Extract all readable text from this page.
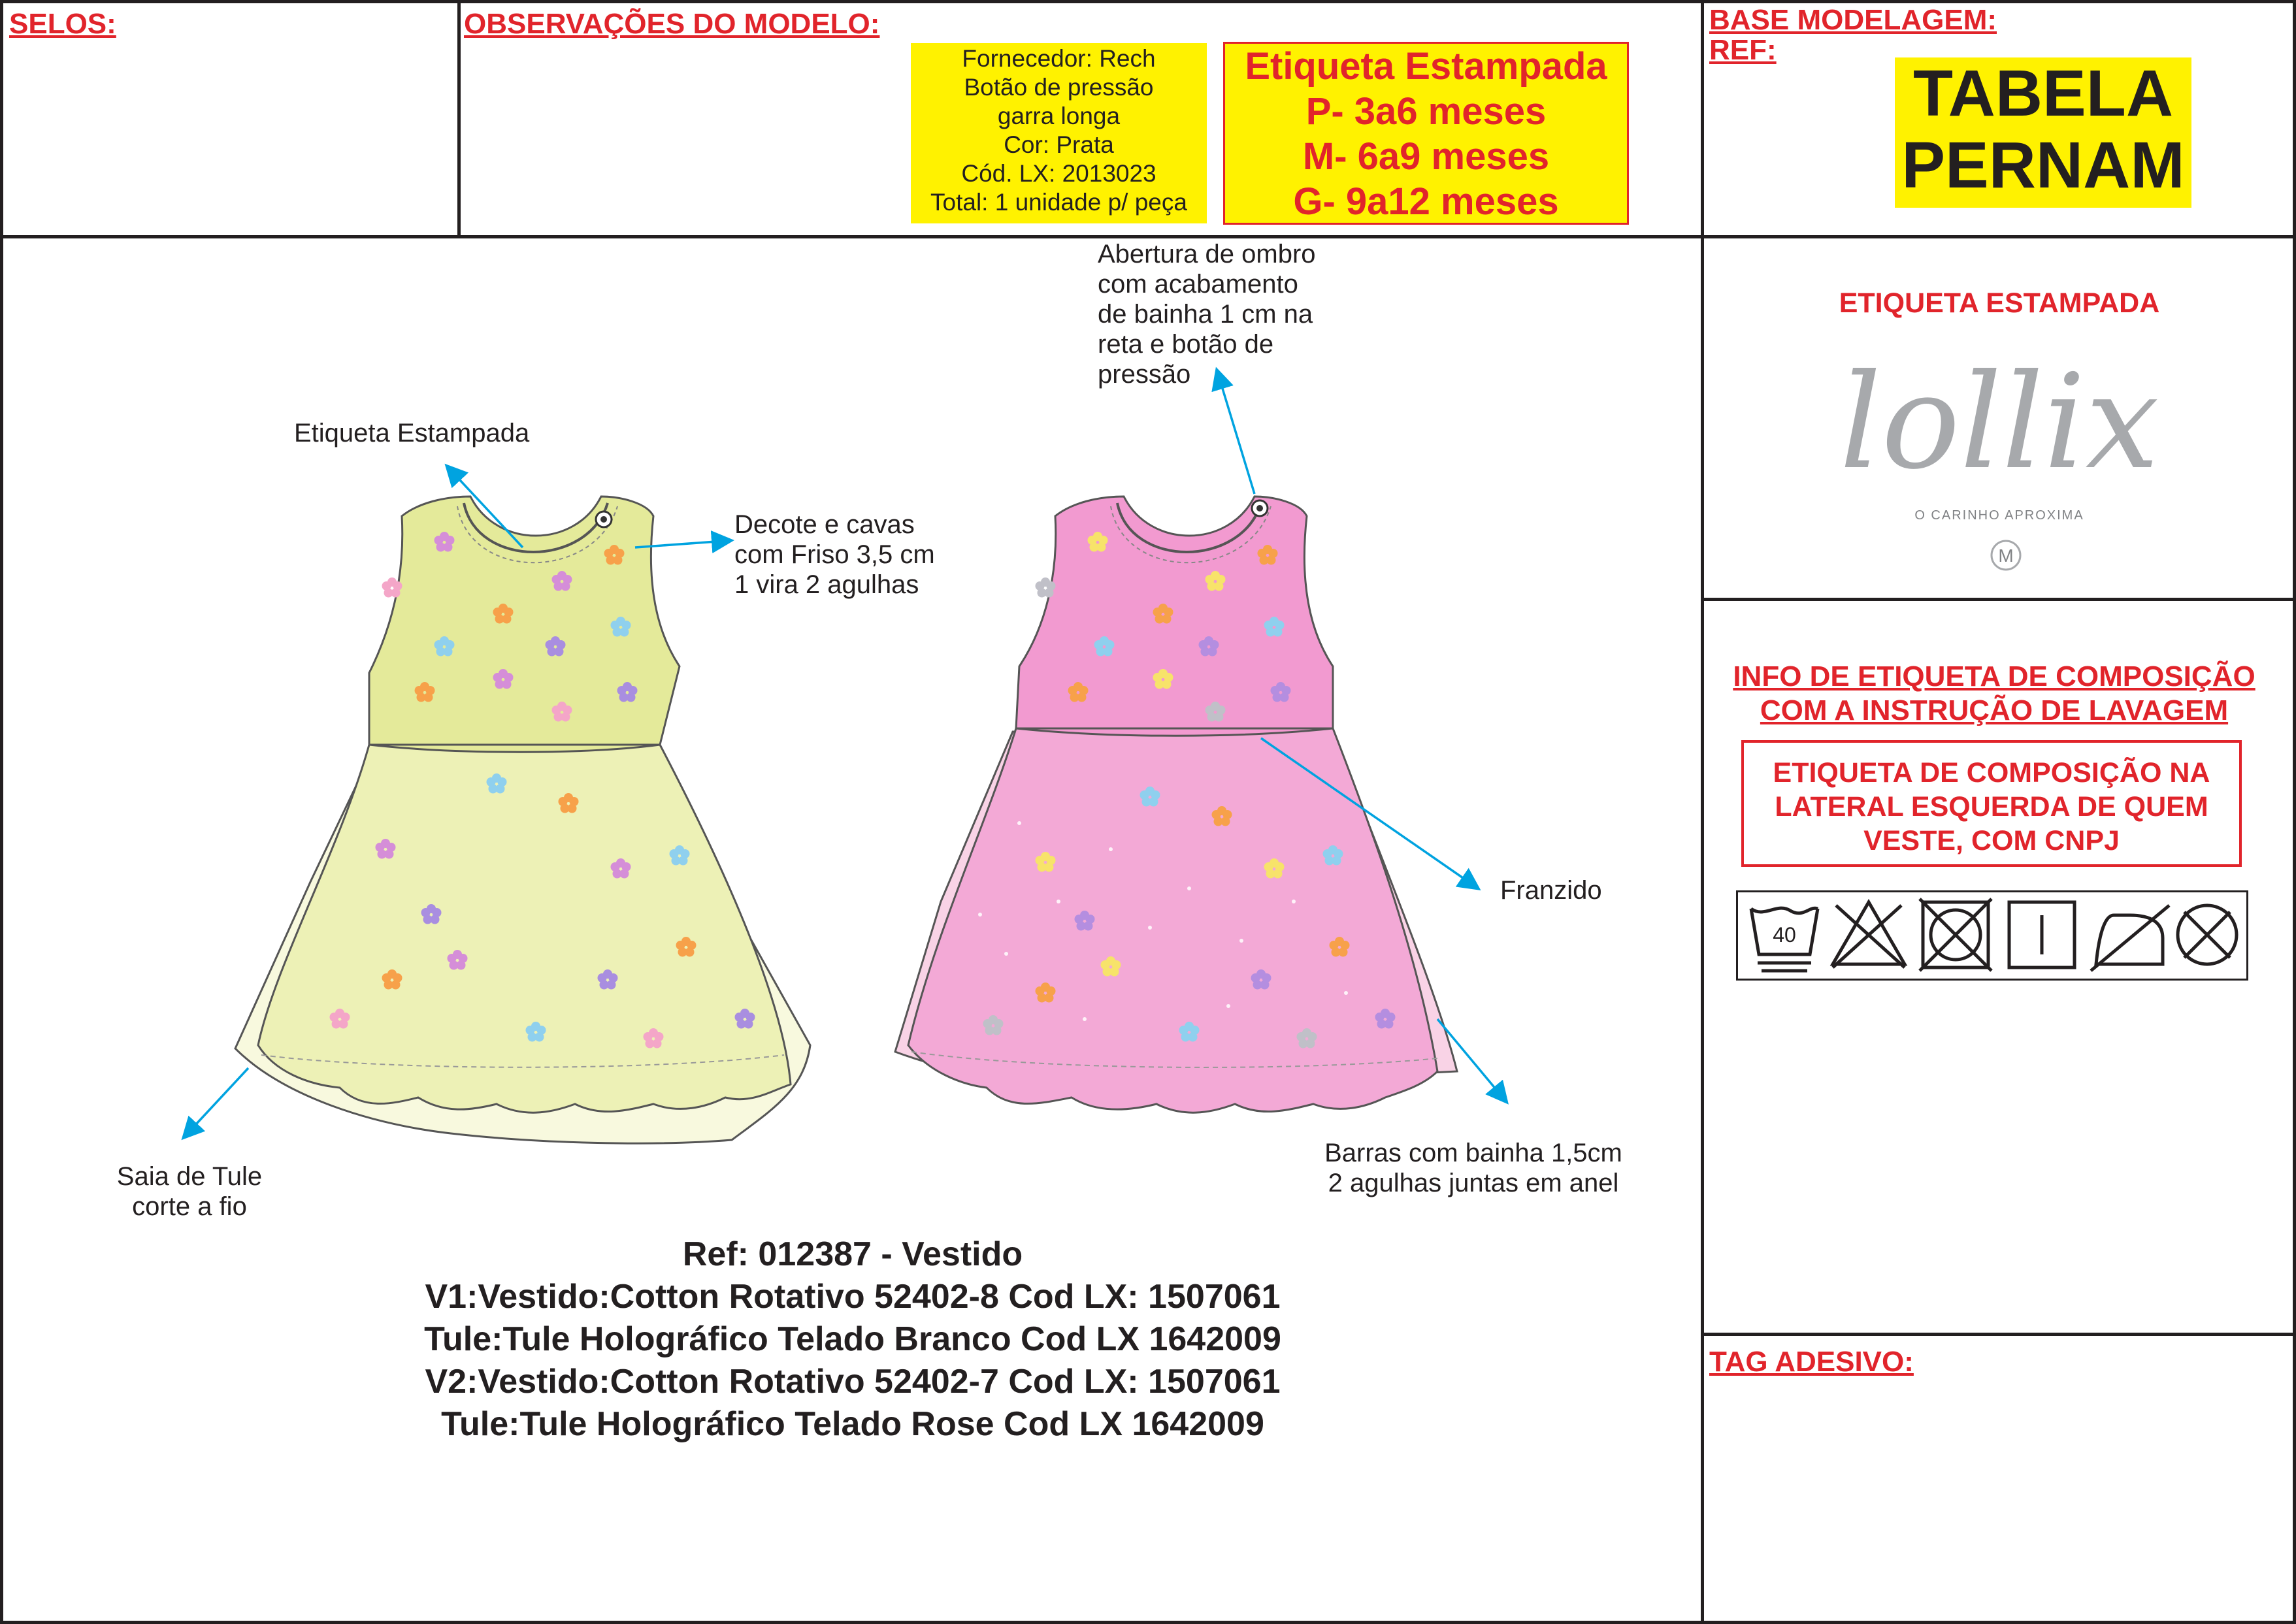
SELOS:	OBSERVAÇÕES DO MODELO:	BASE MODELAGEM:
REF:
Fornecedor: Rech
Botão de pressão
garra longa
Cor: Prata
Cód. LX: 2013023
Total: 1 unidade p/ peça
Etiqueta Estampada
P- 3a6 meses
M- 6a9 meses
G- 9a12 meses
TABELA
PERNAM
Etiqueta Estampada
Decote e cavas
com Friso 3,5 cm
1 vira 2 agulhas
Abertura de ombro
com acabamento
de bainha 1 cm na
reta e botão de
pressão
Franzido
Saia de Tule
corte a fio
Barras com bainha 1,5cm
2 agulhas juntas em anel
Ref: 012387 - Vestido
V1:Vestido:Cotton Rotativo 52402-8 Cod LX: 1507061
Tule:Tule Holográfico Telado Branco Cod LX 1642009
V2:Vestido:Cotton Rotativo 52402-7 Cod LX: 1507061
Tule:Tule Holográfico Telado Rose Cod LX 1642009
ETIQUETA ESTAMPADA
lollix
O CARINHO APROXIMA
M
INFO DE ETIQUETA DE COMPOSIÇÃO
COM A INSTRUÇÃO DE LAVAGEM
ETIQUETA DE COMPOSIÇÃO NA
LATERAL ESQUERDA DE QUEM
VESTE, COM CNPJ
40
TAG ADESIVO:
